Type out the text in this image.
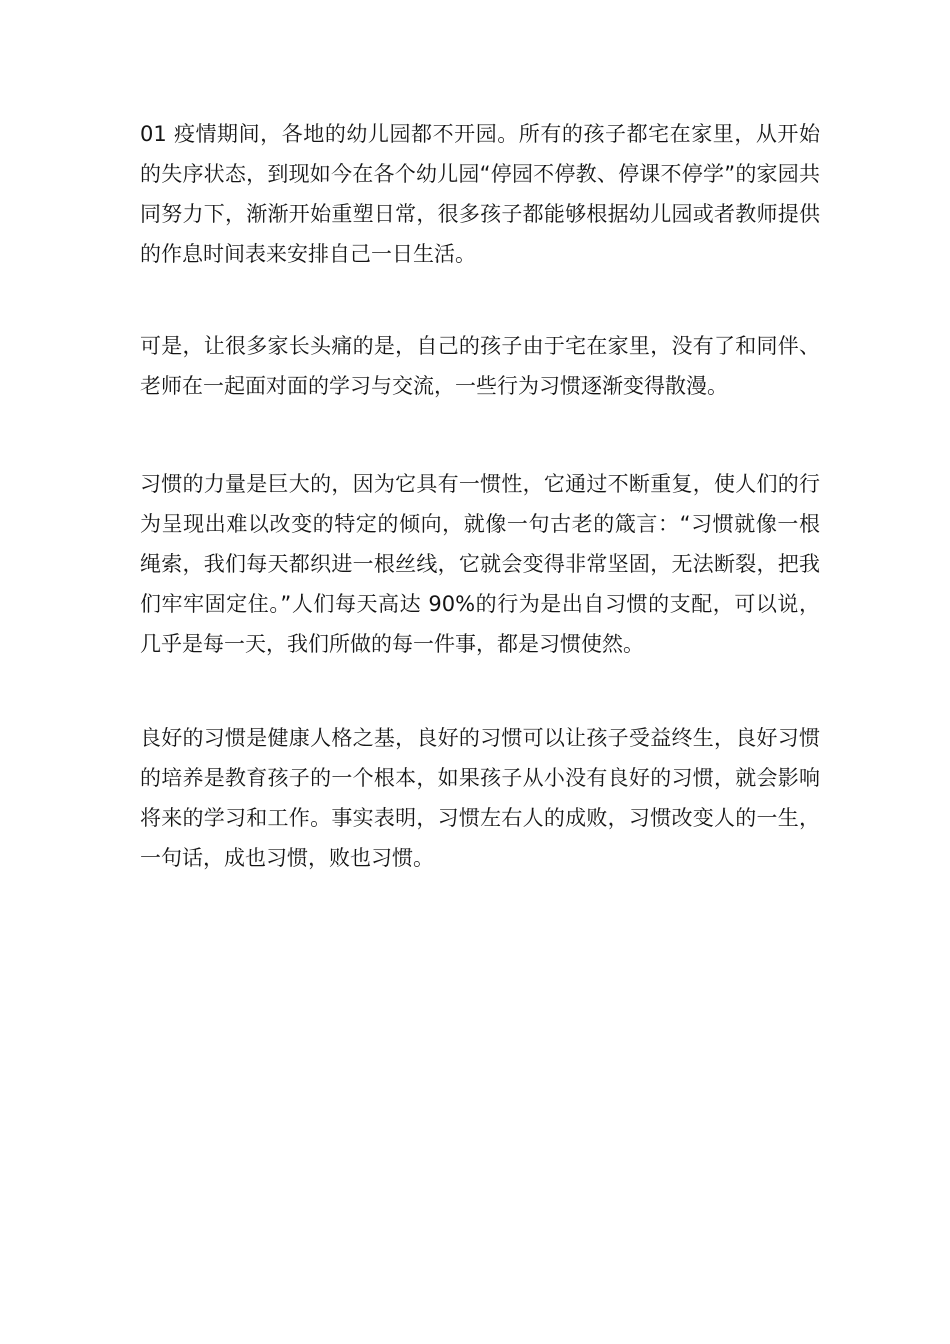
01 疫情期间，各地的幼儿园都不开园。所有的孩子都宅在家里，从开始的失序状态，到现如今在各个幼儿园“停园不停教、停课不停学”的家园共同努力下，渐渐开始重塑日常，很多孩子都能够根据幼儿园或者教师提供的作息时间表来安排自己一日生活。

可是，让很多家长头痛的是，自己的孩子由于宅在家里，没有了和同伴、老师在一起面对面的学习与交流，一些行为习惯逐渐变得散漫。

习惯的力量是巨大的，因为它具有一惯性，它通过不断重复，使人们的行为呈现出难以改变的特定的倾向，就像一句古老的箴言：“习惯就像一根绳索，我们每天都织进一根丝线，它就会变得非常坚固，无法断裂，把我们牢牢固定住。”人们每天高达 90%的行为是出自习惯的支配，可以说，几乎是每一天，我们所做的每一件事，都是习惯使然。

良好的习惯是健康人格之基，良好的习惯可以让孩子受益终生，良好习惯的培养是教育孩子的一个根本，如果孩子从小没有良好的习惯，就会影响将来的学习和工作。事实表明，习惯左右人的成败，习惯改变人的一生，一句话，成也习惯，败也习惯。
